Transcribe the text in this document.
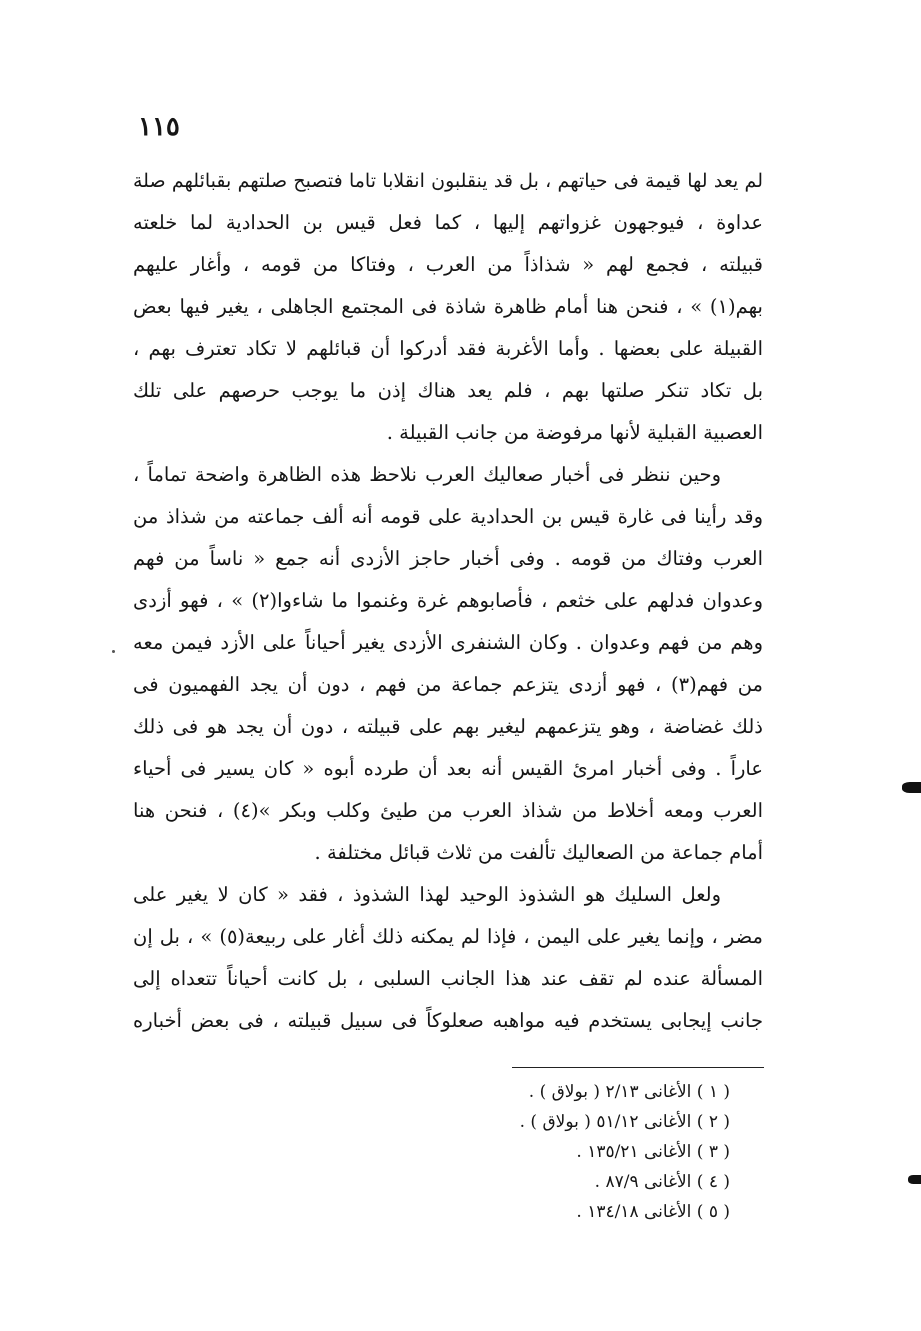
١١٥
لم يعد لها قيمة فى حياتهم ، بل قد ينقلبون انقلابا تاما فتصبح صلتهم بقبائلهم صلة
عداوة ، فيوجهون غزواتهم إليها ، كما فعل قيس بن الحدادية لما خلعته
قبيلته ، فجمع لهم « شذاذاً من العرب ، وفتاكا من قومه ، وأغار عليهم
بهم(١) » ، فنحن هنا أمام ظاهرة شاذة فى المجتمع الجاهلى ، يغير فيها بعض
القبيلة على بعضها . وأما الأغربة فقد أدركوا أن قبائلهم لا تكاد تعترف بهم ،
بل تكاد تنكر صلتها بهم ، فلم يعد هناك إذن ما يوجب حرصهم على تلك
العصبية القبلية لأنها مرفوضة من جانب القبيلة .
وحين ننظر فى أخبار صعاليك العرب نلاحظ هذه الظاهرة واضحة تماماً ،
وقد رأينا فى غارة قيس بن الحدادية على قومه أنه ألف جماعته من شذاذ من
العرب وفتاك من قومه . وفى أخبار حاجز الأزدى أنه جمع « ناساً من فهم
وعدوان فدلهم على خثعم ، فأصابوهم غرة وغنموا ما شاءوا(٢) » ، فهو أزدى
وهم من فهم وعدوان . وكان الشنفرى الأزدى يغير أحياناً على الأزد فيمن معه
من فهم(٣) ، فهو أزدى يتزعم جماعة من فهم ، دون أن يجد الفهميون فى
ذلك غضاضة ، وهو يتزعمهم ليغير بهم على قبيلته ، دون أن يجد هو فى ذلك
عاراً . وفى أخبار امرئ القيس أنه بعد أن طرده أبوه « كان يسير فى أحياء
العرب ومعه أخلاط من شذاذ العرب من طيئ وكلب وبكر »(٤) ، فنحن هنا
أمام جماعة من الصعاليك تألفت من ثلاث قبائل مختلفة .
ولعل السليك هو الشذوذ الوحيد لهذا الشذوذ ، فقد « كان لا يغير على
مضر ، وإنما يغير على اليمن ، فإذا لم يمكنه ذلك أغار على ربيعة(٥) » ، بل إن
المسألة عنده لم تقف عند هذا الجانب السلبى ، بل كانت أحياناً تتعداه إلى
جانب إيجابى يستخدم فيه مواهبه صعلوكاً فى سبيل قبيلته ، فى بعض أخباره
( ١ ) الأغانى ٢/١٣ ( بولاق ) .
( ٢ ) الأغانى ٥١/١٢ ( بولاق ) .
( ٣ ) الأغانى ١٣٥/٢١ .
( ٤ ) الأغانى ٨٧/٩ .
( ٥ ) الأغانى ١٣٤/١٨ .
